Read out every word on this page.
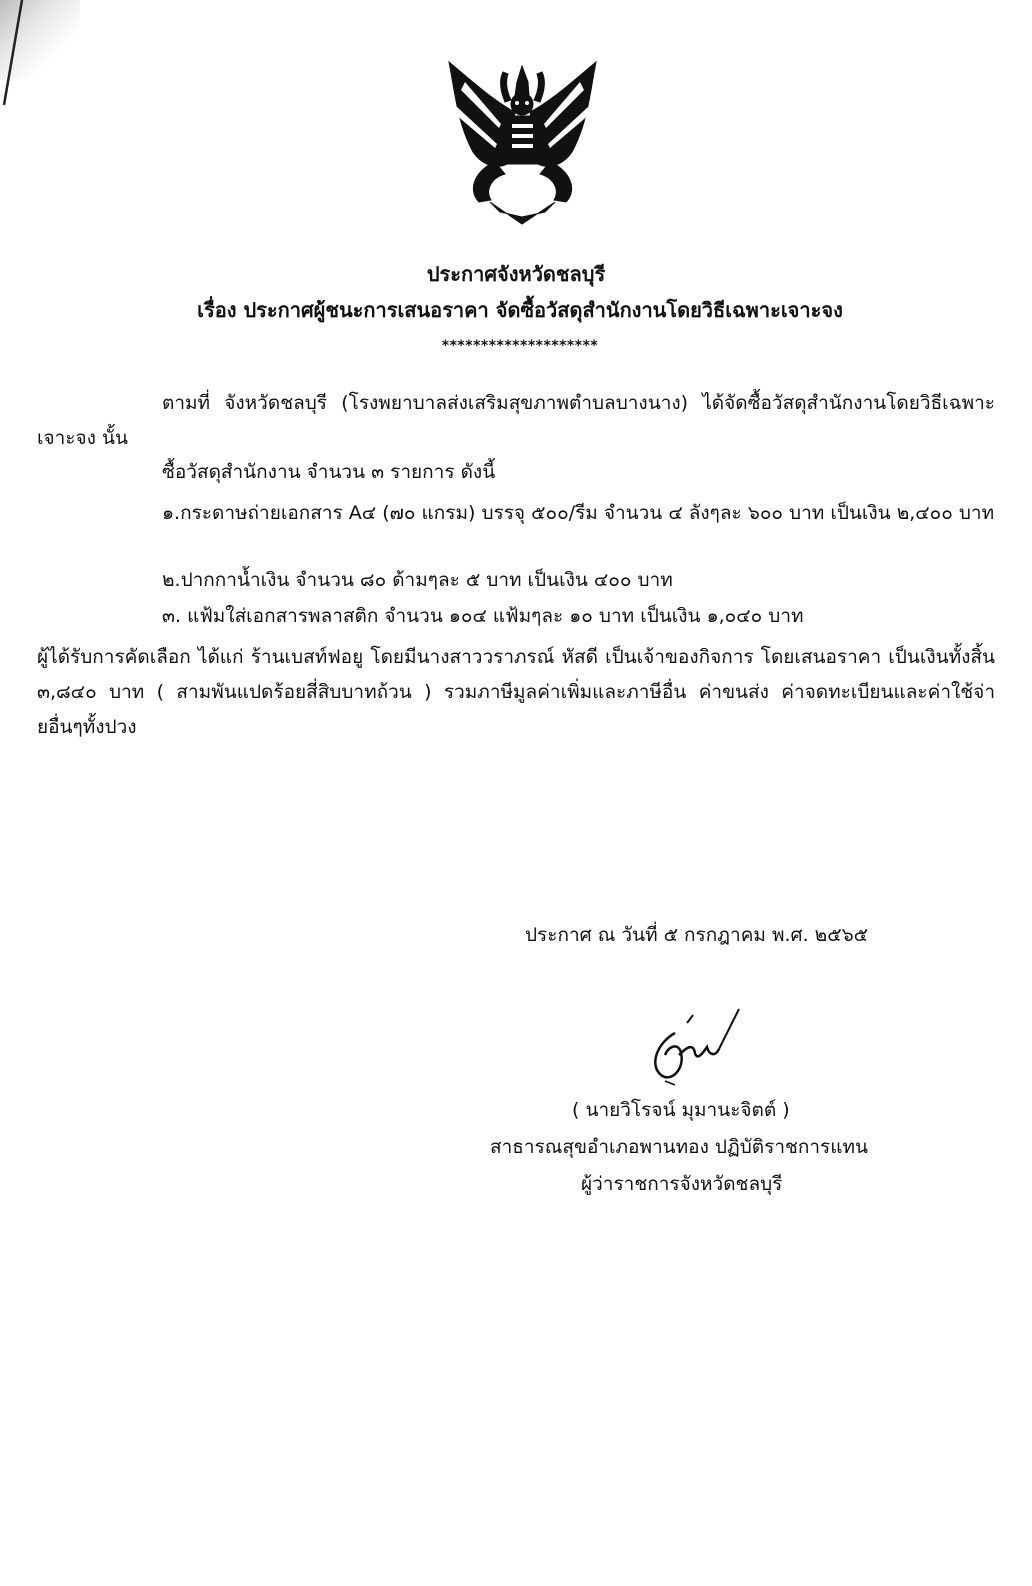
ประกาศจังหวัดชลบุรี
เรื่อง ประกาศผู้ชนะการเสนอราคา จัดซื้อวัสดุสำนักงานโดยวิธีเฉพาะเจาะจง
********************
ตามที่ จังหวัดชลบุรี (โรงพยาบาลส่งเสริมสุขภาพตำบลบางนาง) ได้จัดซื้อวัสดุสำนักงานโดยวิธีเฉพาะเจาะจง นั้น
ซื้อวัสดุสำนักงาน จำนวน ๓ รายการ ดังนี้
๑.กระดาษถ่ายเอกสาร A๔ (๗๐ แกรม) บรรจุ ๕๐๐/รีม จำนวน ๔ ลังๆละ ๖๐๐ บาท เป็นเงิน ๒,๔๐๐ บาท
๒.ปากกาน้ำเงิน จำนวน ๘๐ ด้ามๆละ ๕ บาท เป็นเงิน ๔๐๐ บาท
๓. แฟ้มใส่เอกสารพลาสติก จำนวน ๑๐๔ แฟ้มๆละ ๑๐ บาท เป็นเงิน ๑,๐๔๐ บาท
ผู้ได้รับการคัดเลือก ได้แก่ ร้านเบสท์ฟอยู โดยมีนางสาววราภรณ์ หัสดี เป็นเจ้าของกิจการ โดยเสนอราคา เป็นเงินทั้งสิ้น ๓,๘๔๐ บาท ( สามพันแปดร้อยสี่สิบบาทถ้วน ) รวมภาษีมูลค่าเพิ่มและภาษีอื่น ค่าขนส่ง ค่าจดทะเบียนและค่าใช้จ่ายอื่นๆทั้งปวง
ประกาศ ณ วันที่ ๕ กรกฎาคม พ.ศ. ๒๕๖๕
( นายวิโรจน์ มุมานะจิตต์ )
สาธารณสุขอำเภอพานทอง ปฏิบัติราชการแทน
ผู้ว่าราชการจังหวัดชลบุรี
